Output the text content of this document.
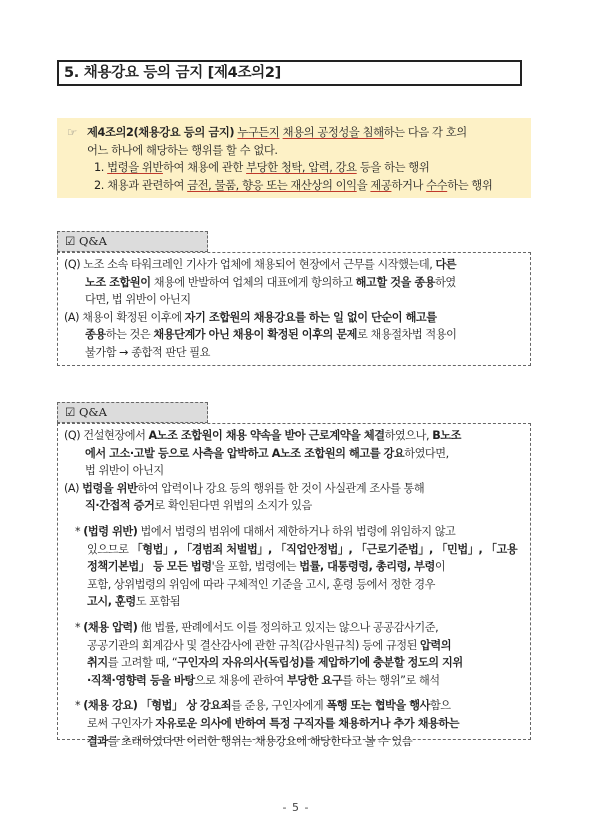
5. 채용강요 등의 금지 [제4조의2]
☞ 제4조의2(채용강요 등의 금지) 누구든지 채용의 공정성을 침해하는 다음 각 호의
어느 하나에 해당하는 행위를 할 수 없다.
1. 법령을 위반하여 채용에 관한 부당한 청탁, 압력, 강요 등을 하는 행위
2. 채용과 관련하여 금전, 물품, 향응 또는 재산상의 이익을 제공하거나 수수하는 행위
☑ Q&A
(Q) 노조 소속 타워크레인 기사가 업체에 채용되어 현장에서 근무를 시작했는데, 다른
노조 조합원이 채용에 반발하여 업체의 대표에게 항의하고 해고할 것을 종용하였
다면, 법 위반이 아닌지
(A) 채용이 확정된 이후에 자기 조합원의 채용강요를 하는 일 없이 단순이 해고를
종용하는 것은 채용단계가 아닌 채용이 확정된 이후의 문제로 채용절차법 적용이
불가함 → 종합적 판단 필요
☑ Q&A
(Q) 건설현장에서 A노조 조합원이 채용 약속을 받아 근로계약을 체결하였으나, B노조
에서 고소·고발 등으로 사측을 압박하고 A노조 조합원의 해고를 강요하였다면,
법 위반이 아닌지
(A) 법령을 위반하여 압력이나 강요 등의 행위를 한 것이 사실관계 조사를 통해
직·간접적 증거로 확인된다면 위법의 소지가 있음
* (법령 위반) 법에서 법령의 범위에 대해서 제한하거나 하위 법령에 위임하지 않고
있으므로 「형법」, 「경범죄 처벌법」, 「직업안정법」, 「근로기준법」, 「민법」, 「고용
정책기본법」 등 모든 법령'을 포함, 법령에는 법률, 대통령령, 총리령, 부령이
포함, 상위법령의 위임에 따라 구체적인 기준을 고시, 훈령 등에서 정한 경우
고시, 훈령도 포함됨
* (채용 압력) 他 법률, 판례에서도 이를 정의하고 있지는 않으나 공공감사기준,
공공기관의 회계감사 및 결산감사에 관한 규칙(감사원규칙) 등에 규정된 압력의
취지를 고려할 때, “구인자의 자유의사(독립성)를 제압하기에 충분할 정도의 지위
·직책·영향력 등을 바탕으로 채용에 관하여 부당한 요구를 하는 행위”로 해석
* (채용 강요) 「형법」 상 강요죄를 준용, 구인자에게 폭행 또는 협박을 행사함으
로써 구인자가 자유로운 의사에 반하여 특정 구직자를 채용하거나 추가 채용하는
결과를 초래하였다면 이러한 행위는 채용강요에 해당한다고 볼 수 있음
- 5 -
